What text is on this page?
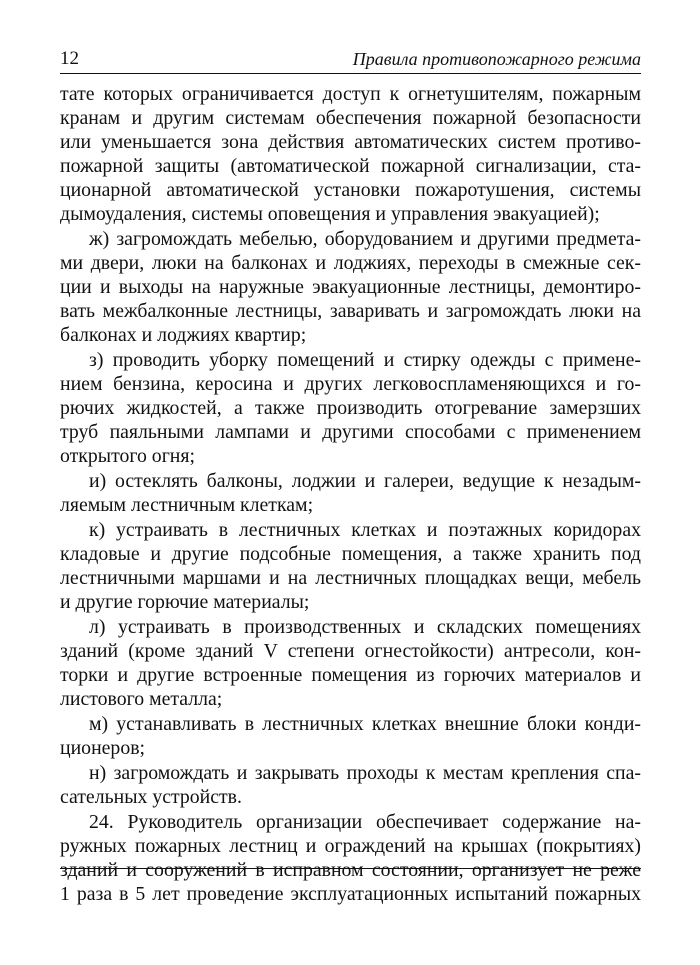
12	Правила противопожарного режима

тате которых ограничивается доступ к огнетушителям, пожарным
кранам и другим системам обеспечения пожарной безопасности
или уменьшается зона действия автоматических систем противо-
пожарной защиты (автоматической пожарной сигнализации, ста-
ционарной автоматической установки пожаротушения, системы
дымоудаления, системы оповещения и управления эвакуацией);

ж) загромождать мебелью, оборудованием и другими предмета-
ми двери, люки на балконах и лоджиях, переходы в смежные сек-
ции и выходы на наружные эвакуационные лестницы, демонтиро-
вать межбалконные лестницы, заваривать и загромождать люки на
балконах и лоджиях квартир;

з) проводить уборку помещений и стирку одежды с примене-
нием бензина, керосина и других легковоспламеняющихся и го-
рючих жидкостей, а также производить отогревание замерзших
труб паяльными лампами и другими способами с применением
открытого огня;

и) остеклять балконы, лоджии и галереи, ведущие к незадым-
ляемым лестничным клеткам;

к) устраивать в лестничных клетках и поэтажных коридорах
кладовые и другие подсобные помещения, а также хранить под
лестничными маршами и на лестничных площадках вещи, мебель
и другие горючие материалы;

л) устраивать в производственных и складских помещениях
зданий (кроме зданий V степени огнестойкости) антресоли, кон-
торки и другие встроенные помещения из горючих материалов и
листового металла;

м) устанавливать в лестничных клетках внешние блоки конди-
ционеров;

н) загромождать и закрывать проходы к местам крепления спа-
сательных устройств.

24. Руководитель организации обеспечивает содержание на-
ружных пожарных лестниц и ограждений на крышах (покрытиях)
зданий и сооружений в исправном состоянии, организует не реже
1 раза в 5 лет проведение эксплуатационных испытаний пожарных
